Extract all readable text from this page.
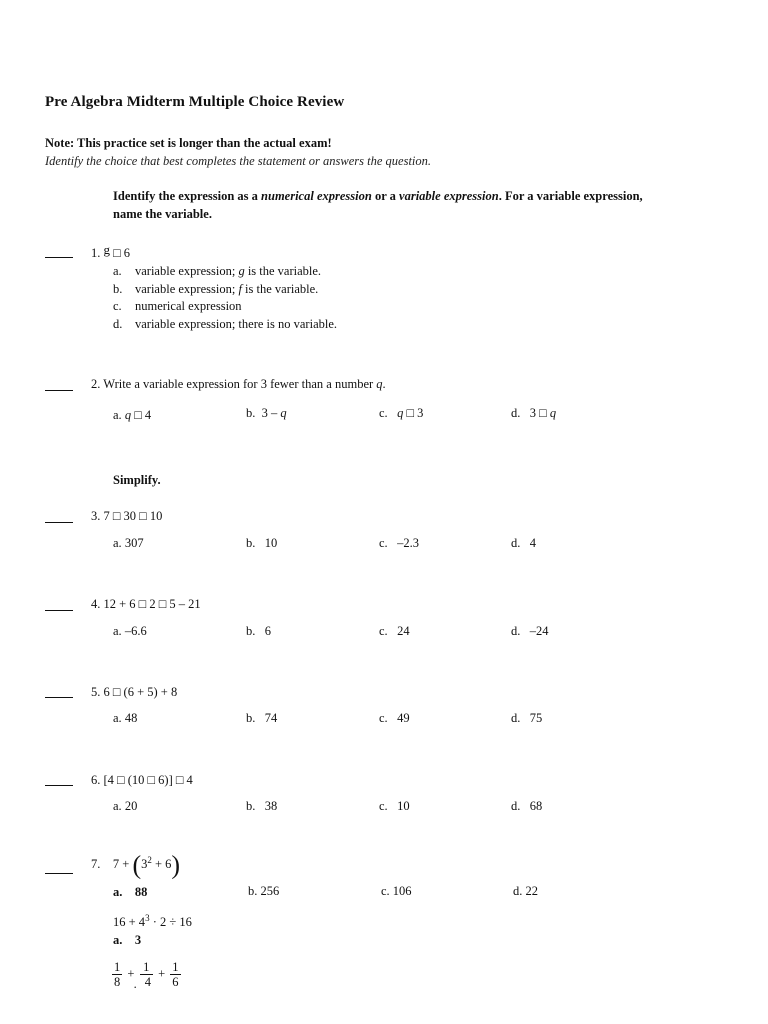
Pre Algebra Midterm Multiple Choice Review
Note: This practice set is longer than the actual exam!
Identify the choice that best completes the statement or answers the question.
Identify the expression as a numerical expression or a variable expression. For a variable expression,
name the variable.
1. g □ 6
a. variable expression; g is the variable.
b. variable expression; f is the variable.
c. numerical expression
d. variable expression; there is no variable.
2. Write a variable expression for 3 fewer than a number q.
a. q □ 4	b. 3 – q	c. q □ 3	d. 3 □ q
Simplify.
3. 7 □ 30 □ 10
a. 307	b. 10	c. –2.3	d. 4
4. 12 + 6 □ 2 □ 5 – 21
a. –6.6	b. 6	c. 24	d. –24
5. 6 □ (6 + 5) + 8
a. 48	b. 74	c. 49	d. 75
6. [4 □ (10 □ 6)] □ 4
a. 20	b. 38	c. 10	d. 68
7. $7 + (3^2 + 6)$
a. 88	b. 256	c. 106	d. 22
$16 + 4^3 \cdot 2 \div 16$
a. 3
$\frac{1}{8} + \frac{1}{. 4} + \frac{1}{6}$
